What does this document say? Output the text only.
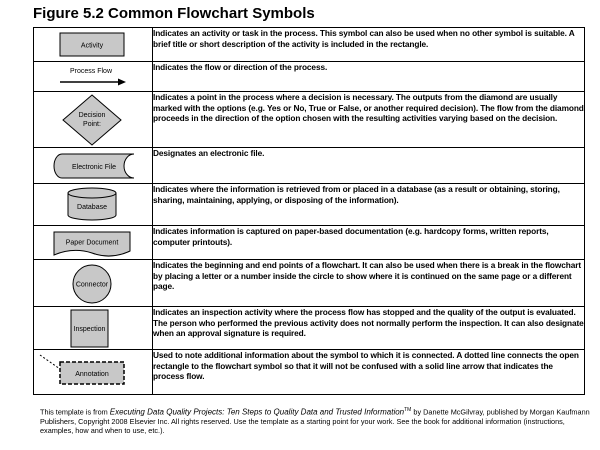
Figure 5.2 Common Flowchart Symbols
Activity	Indicates an activity or task in the process. This symbol can also be used when no other symbol is suitable. A brief title or short description of the activity is included in the rectangle.

Process Flow	Indicates the flow or direction of the process.

Decision
Point:	Indicates a point in the process where a decision is necessary. The outputs from the diamond are usually marked with the options (e.g. Yes or No, True or False, or another required decision). The flow from the diamond proceeds in the direction of the option chosen with the resulting activities varying based on the decision.

Electronic File	Designates an electronic file.

Database	Indicates where the information is retrieved from or placed in a database (as a result or obtaining, storing, sharing, maintaining, applying, or disposing of the information).

Paper Document	Indicates information is captured on paper-based documentation (e.g. hardcopy forms, written reports, computer printouts).

Connector	Indicates the beginning and end points of a flowchart. It can also be used when there is a break in the flowchart by placing a letter or a number inside the circle to show where it is continued on the same page or a different page.

Inspection	Indicates an inspection activity where the process flow has stopped and the quality of the output is evaluated. The person who performed the previous activity does not normally perform the inspection. It can also designate when an approval signature is required.

Annotation	Used to note additional information about the symbol to which it is connected. A dotted line connects the open rectangle to the flowchart symbol so that it will not be confused with a solid line arrow that indicates the process flow.
This template is from Executing Data Quality Projects: Ten Steps to Quality Data and Trusted Information™ by Danette McGilvray, published by Morgan Kaufmann Publishers, Copyright 2008 Elsevier Inc. All rights reserved. Use the template as a starting point for your work. See the book for additional information (instructions, examples, how and when to use, etc.).
